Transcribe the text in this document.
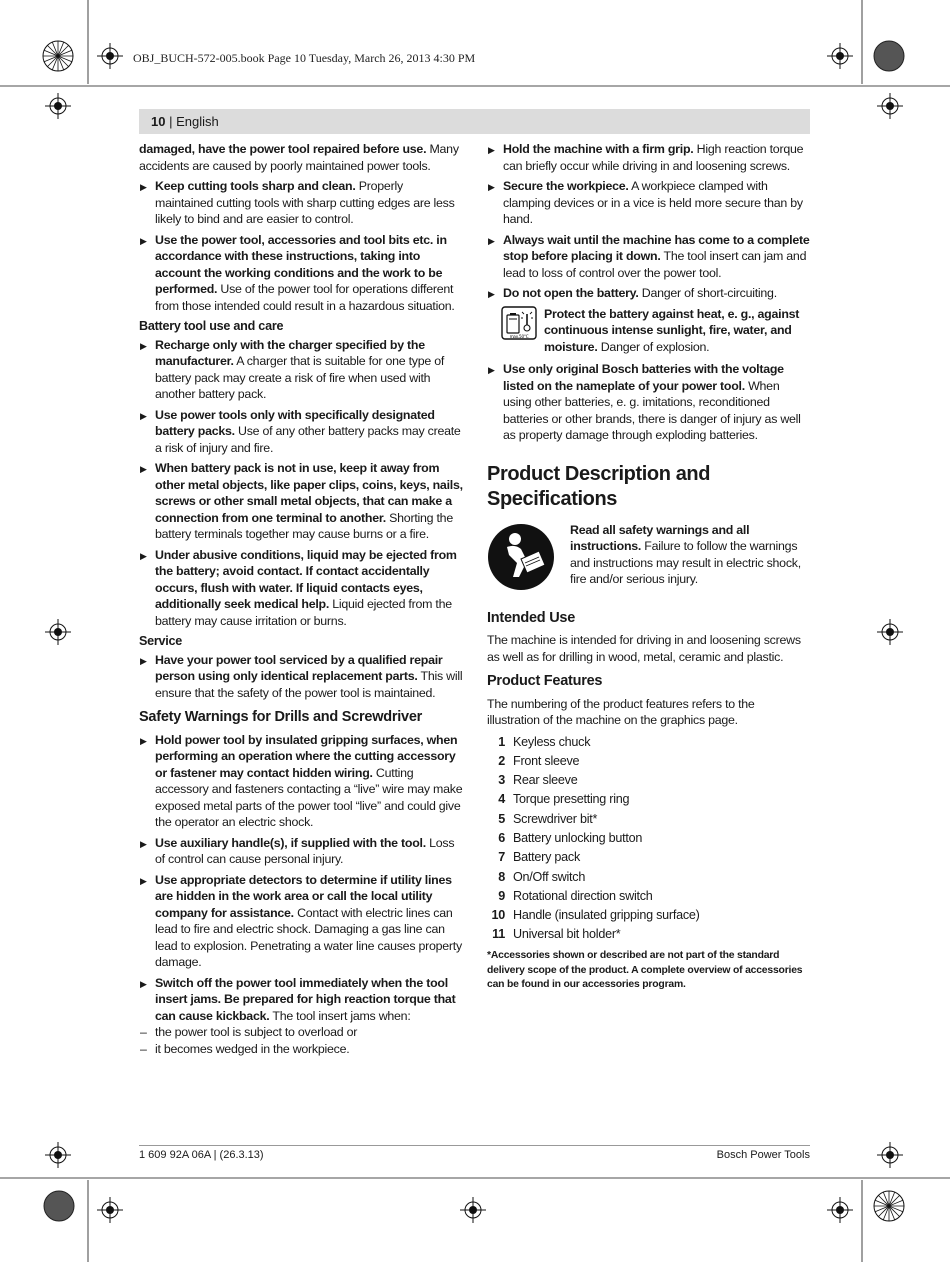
OBJ_BUCH-572-005.book Page 10 Tuesday, March 26, 2013 4:30 PM
10 | English

damaged, have the power tool repaired before use. Many accidents are caused by poorly maintained power tools.

▶ Keep cutting tools sharp and clean. Properly maintained cutting tools with sharp cutting edges are less likely to bind and are easier to control.
▶ Use the power tool, accessories and tool bits etc. in accordance with these instructions, taking into account the working conditions and the work to be performed. Use of the power tool for operations different from those intended could result in a hazardous situation.
Battery tool use and care
▶ Recharge only with the charger specified by the manufacturer. A charger that is suitable for one type of battery pack may create a risk of fire when used with another battery pack.
▶ Use power tools only with specifically designated battery packs. Use of any other battery packs may create a risk of injury and fire.
▶ When battery pack is not in use, keep it away from other metal objects, like paper clips, coins, keys, nails, screws or other small metal objects, that can make a connection from one terminal to another. Shorting the battery terminals together may cause burns or a fire.
▶ Under abusive conditions, liquid may be ejected from the battery; avoid contact. If contact accidentally occurs, flush with water. If liquid contacts eyes, additionally seek medical help. Liquid ejected from the battery may cause irritation or burns.
Service
▶ Have your power tool serviced by a qualified repair person using only identical replacement parts. This will ensure that the safety of the power tool is maintained.
Safety Warnings for Drills and Screwdriver
▶ Hold power tool by insulated gripping surfaces, when performing an operation where the cutting accessory or fastener may contact hidden wiring. Cutting accessory and fasteners contacting a “live” wire may make exposed metal parts of the power tool “live” and could give the operator an electric shock.
▶ Use auxiliary handle(s), if supplied with the tool. Loss of control can cause personal injury.
▶ Use appropriate detectors to determine if utility lines are hidden in the work area or call the local utility company for assistance. Contact with electric lines can lead to fire and electric shock. Damaging a gas line can lead to explosion. Penetrating a water line causes property damage.
▶ Switch off the power tool immediately when the tool insert jams. Be prepared for high reaction torque that can cause kickback. The tool insert jams when:
– the power tool is subject to overload or
– it becomes wedged in the workpiece.
▶ Hold the machine with a firm grip. High reaction torque can briefly occur while driving in and loosening screws.
▶ Secure the workpiece. A workpiece clamped with clamping devices or in a vice is held more secure than by hand.
▶ Always wait until the machine has come to a complete stop before placing it down. The tool insert can jam and lead to loss of control over the power tool.
▶ Do not open the battery. Danger of short-circuiting.
max.50°C
Protect the battery against heat, e. g., against continuous intense sunlight, fire, water, and moisture. Danger of explosion.
▶ Use only original Bosch batteries with the voltage listed on the nameplate of your power tool. When using other batteries, e. g. imitations, reconditioned batteries or other brands, there is danger of injury as well as property damage through exploding batteries.
Product Description and Specifications
Read all safety warnings and all instructions. Failure to follow the warnings and instructions may result in electric shock, fire and/or serious injury.
Intended Use

The machine is intended for driving in and loosening screws as well as for drilling in wood, metal, ceramic and plastic.

Product Features

The numbering of the product features refers to the illustration of the machine on the graphics page.

1 Keyless chuck
2 Front sleeve
3 Rear sleeve
4 Torque presetting ring
5 Screwdriver bit*
6 Battery unlocking button
7 Battery pack
8 On/Off switch
9 Rotational direction switch
10 Handle (insulated gripping surface)
11 Universal bit holder*

*Accessories shown or described are not part of the standard delivery scope of the product. A complete overview of accessories can be found in our accessories program.

1 609 92A 06A | (26.3.13)	Bosch Power Tools
